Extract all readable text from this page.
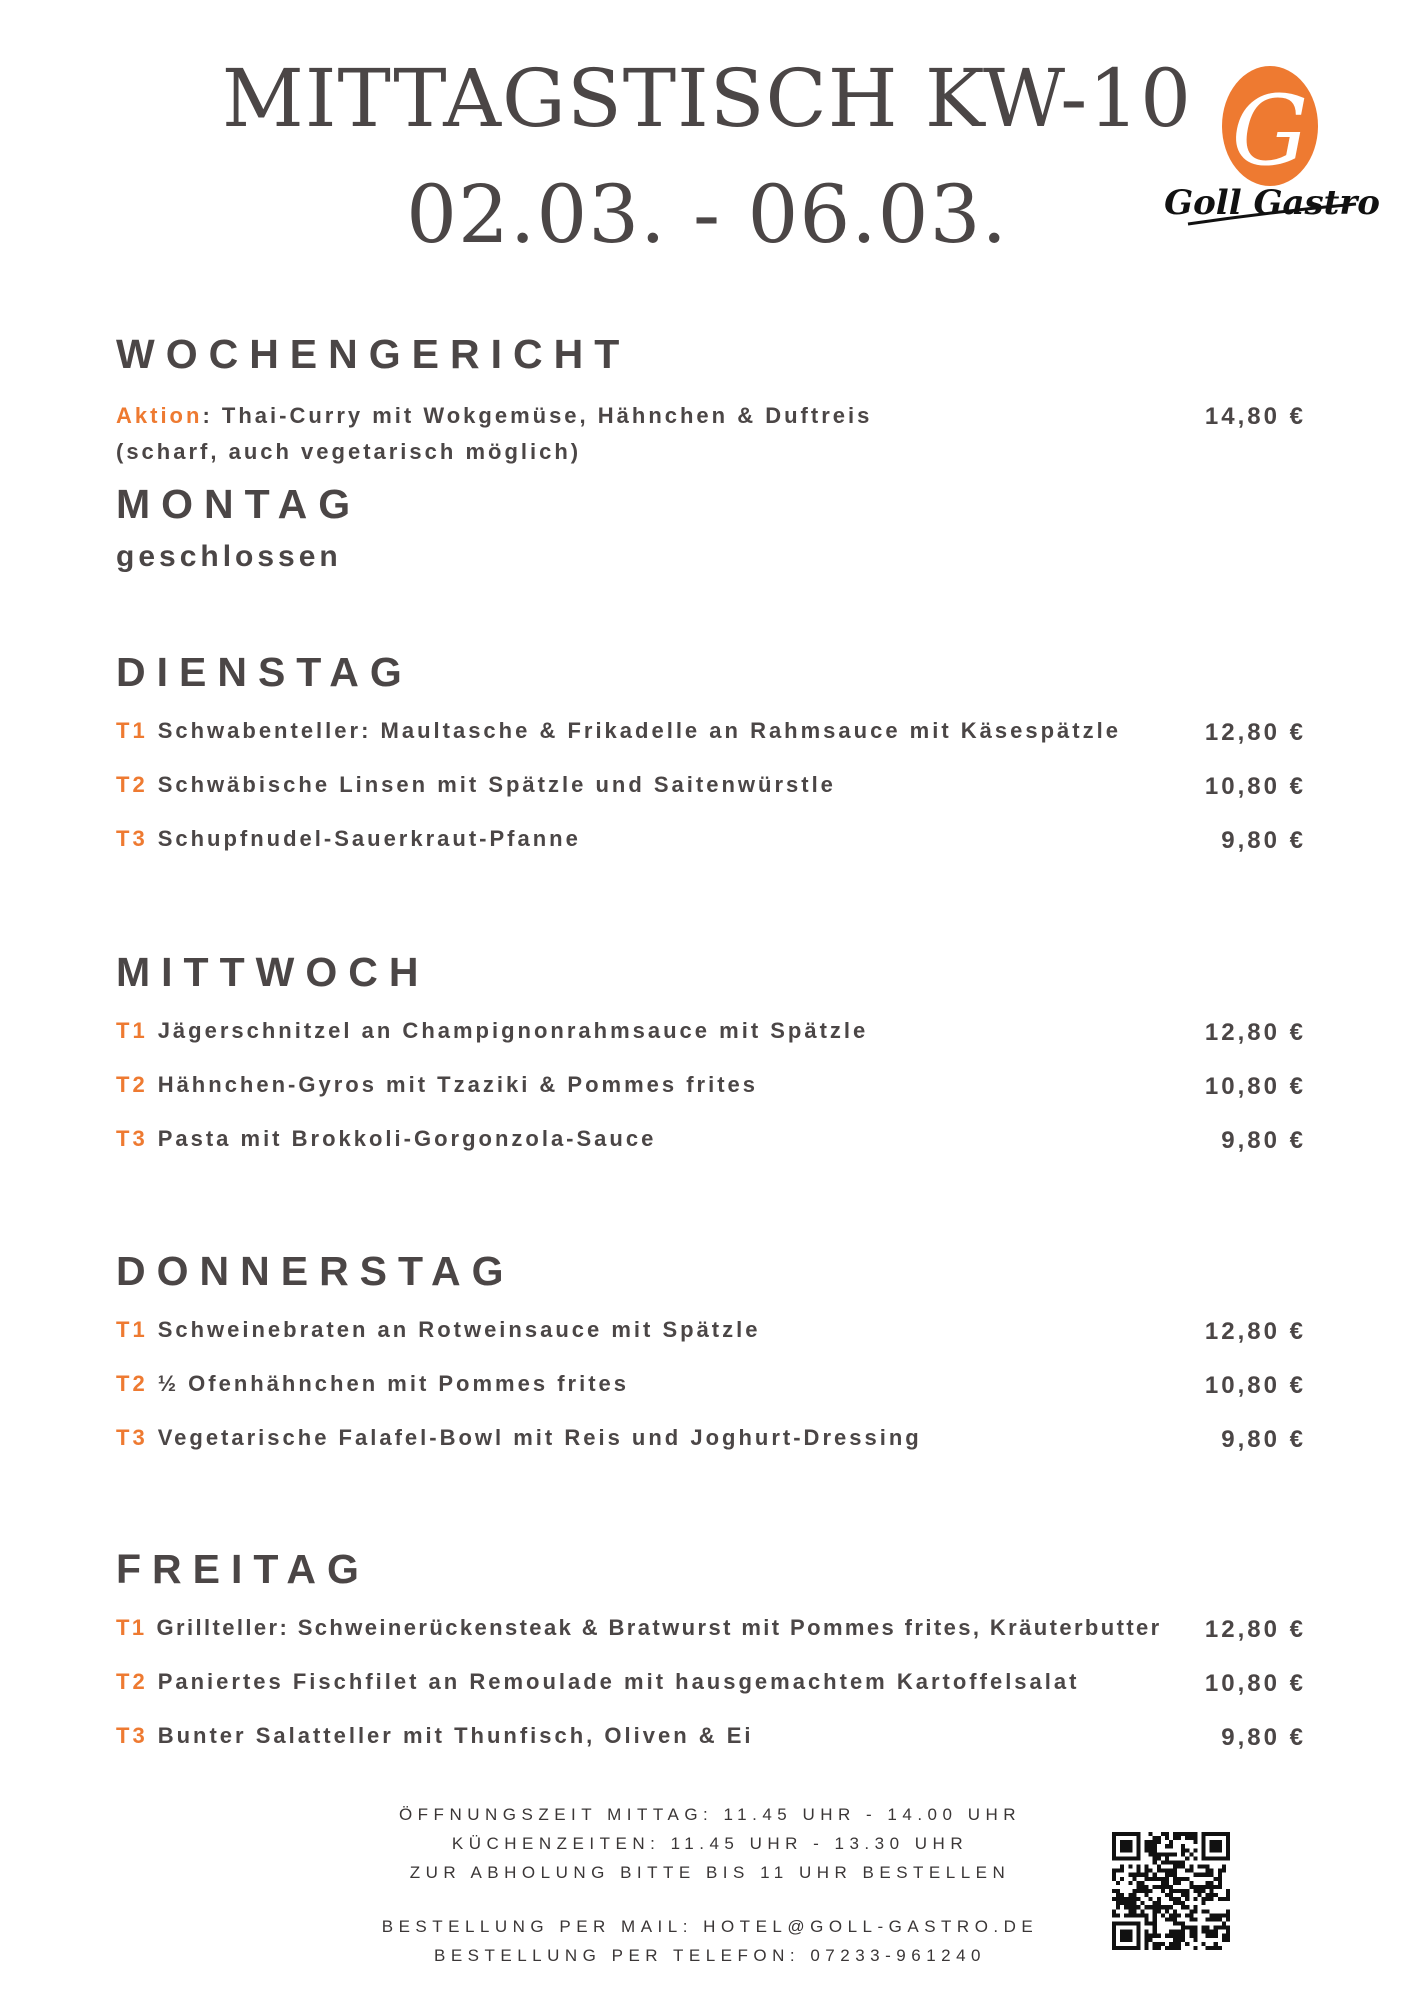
MITTAGSTISCH KW-10
02.03. - 06.03.
G
Goll Gastro
WOCHENGERICHT
Aktion: Thai-Curry mit Wokgemüse, Hähnchen & Duftreis (scharf, auch vegetarisch möglich)
14,80 €
MONTAG
geschlossen
DIENSTAG
T1 Schwabenteller: Maultasche & Frikadelle an Rahmsauce mit Käsespätzle	12,80 €
T2 Schwäbische Linsen mit Spätzle und Saitenwürstle	10,80 €
T3 Schupfnudel-Sauerkraut-Pfanne	9,80 €
MITTWOCH
T1 Jägerschnitzel an Champignonrahmsauce mit Spätzle	12,80 €
T2 Hähnchen-Gyros mit Tzaziki & Pommes frites	10,80 €
T3 Pasta mit Brokkoli-Gorgonzola-Sauce	9,80 €
DONNERSTAG
T1 Schweinebraten an Rotweinsauce mit Spätzle	12,80 €
T2 ½ Ofenhähnchen mit Pommes frites	10,80 €
T3 Vegetarische Falafel-Bowl mit Reis und Joghurt-Dressing	9,80 €
FREITAG
T1 Grillteller: Schweinerückensteak & Bratwurst mit Pommes frites, Kräuterbutter	12,80 €
T2 Paniertes Fischfilet an Remoulade mit hausgemachtem Kartoffelsalat	10,80 €
T3 Bunter Salatteller mit Thunfisch, Oliven & Ei	9,80 €
ÖFFNUNGSZEIT MITTAG: 11.45 UHR - 14.00 UHR
KÜCHENZEITEN: 11.45 UHR - 13.30 UHR
ZUR ABHOLUNG BITTE BIS 11 UHR BESTELLEN
BESTELLUNG PER MAIL: HOTEL@GOLL-GASTRO.DE
BESTELLUNG PER TELEFON: 07233-961240
